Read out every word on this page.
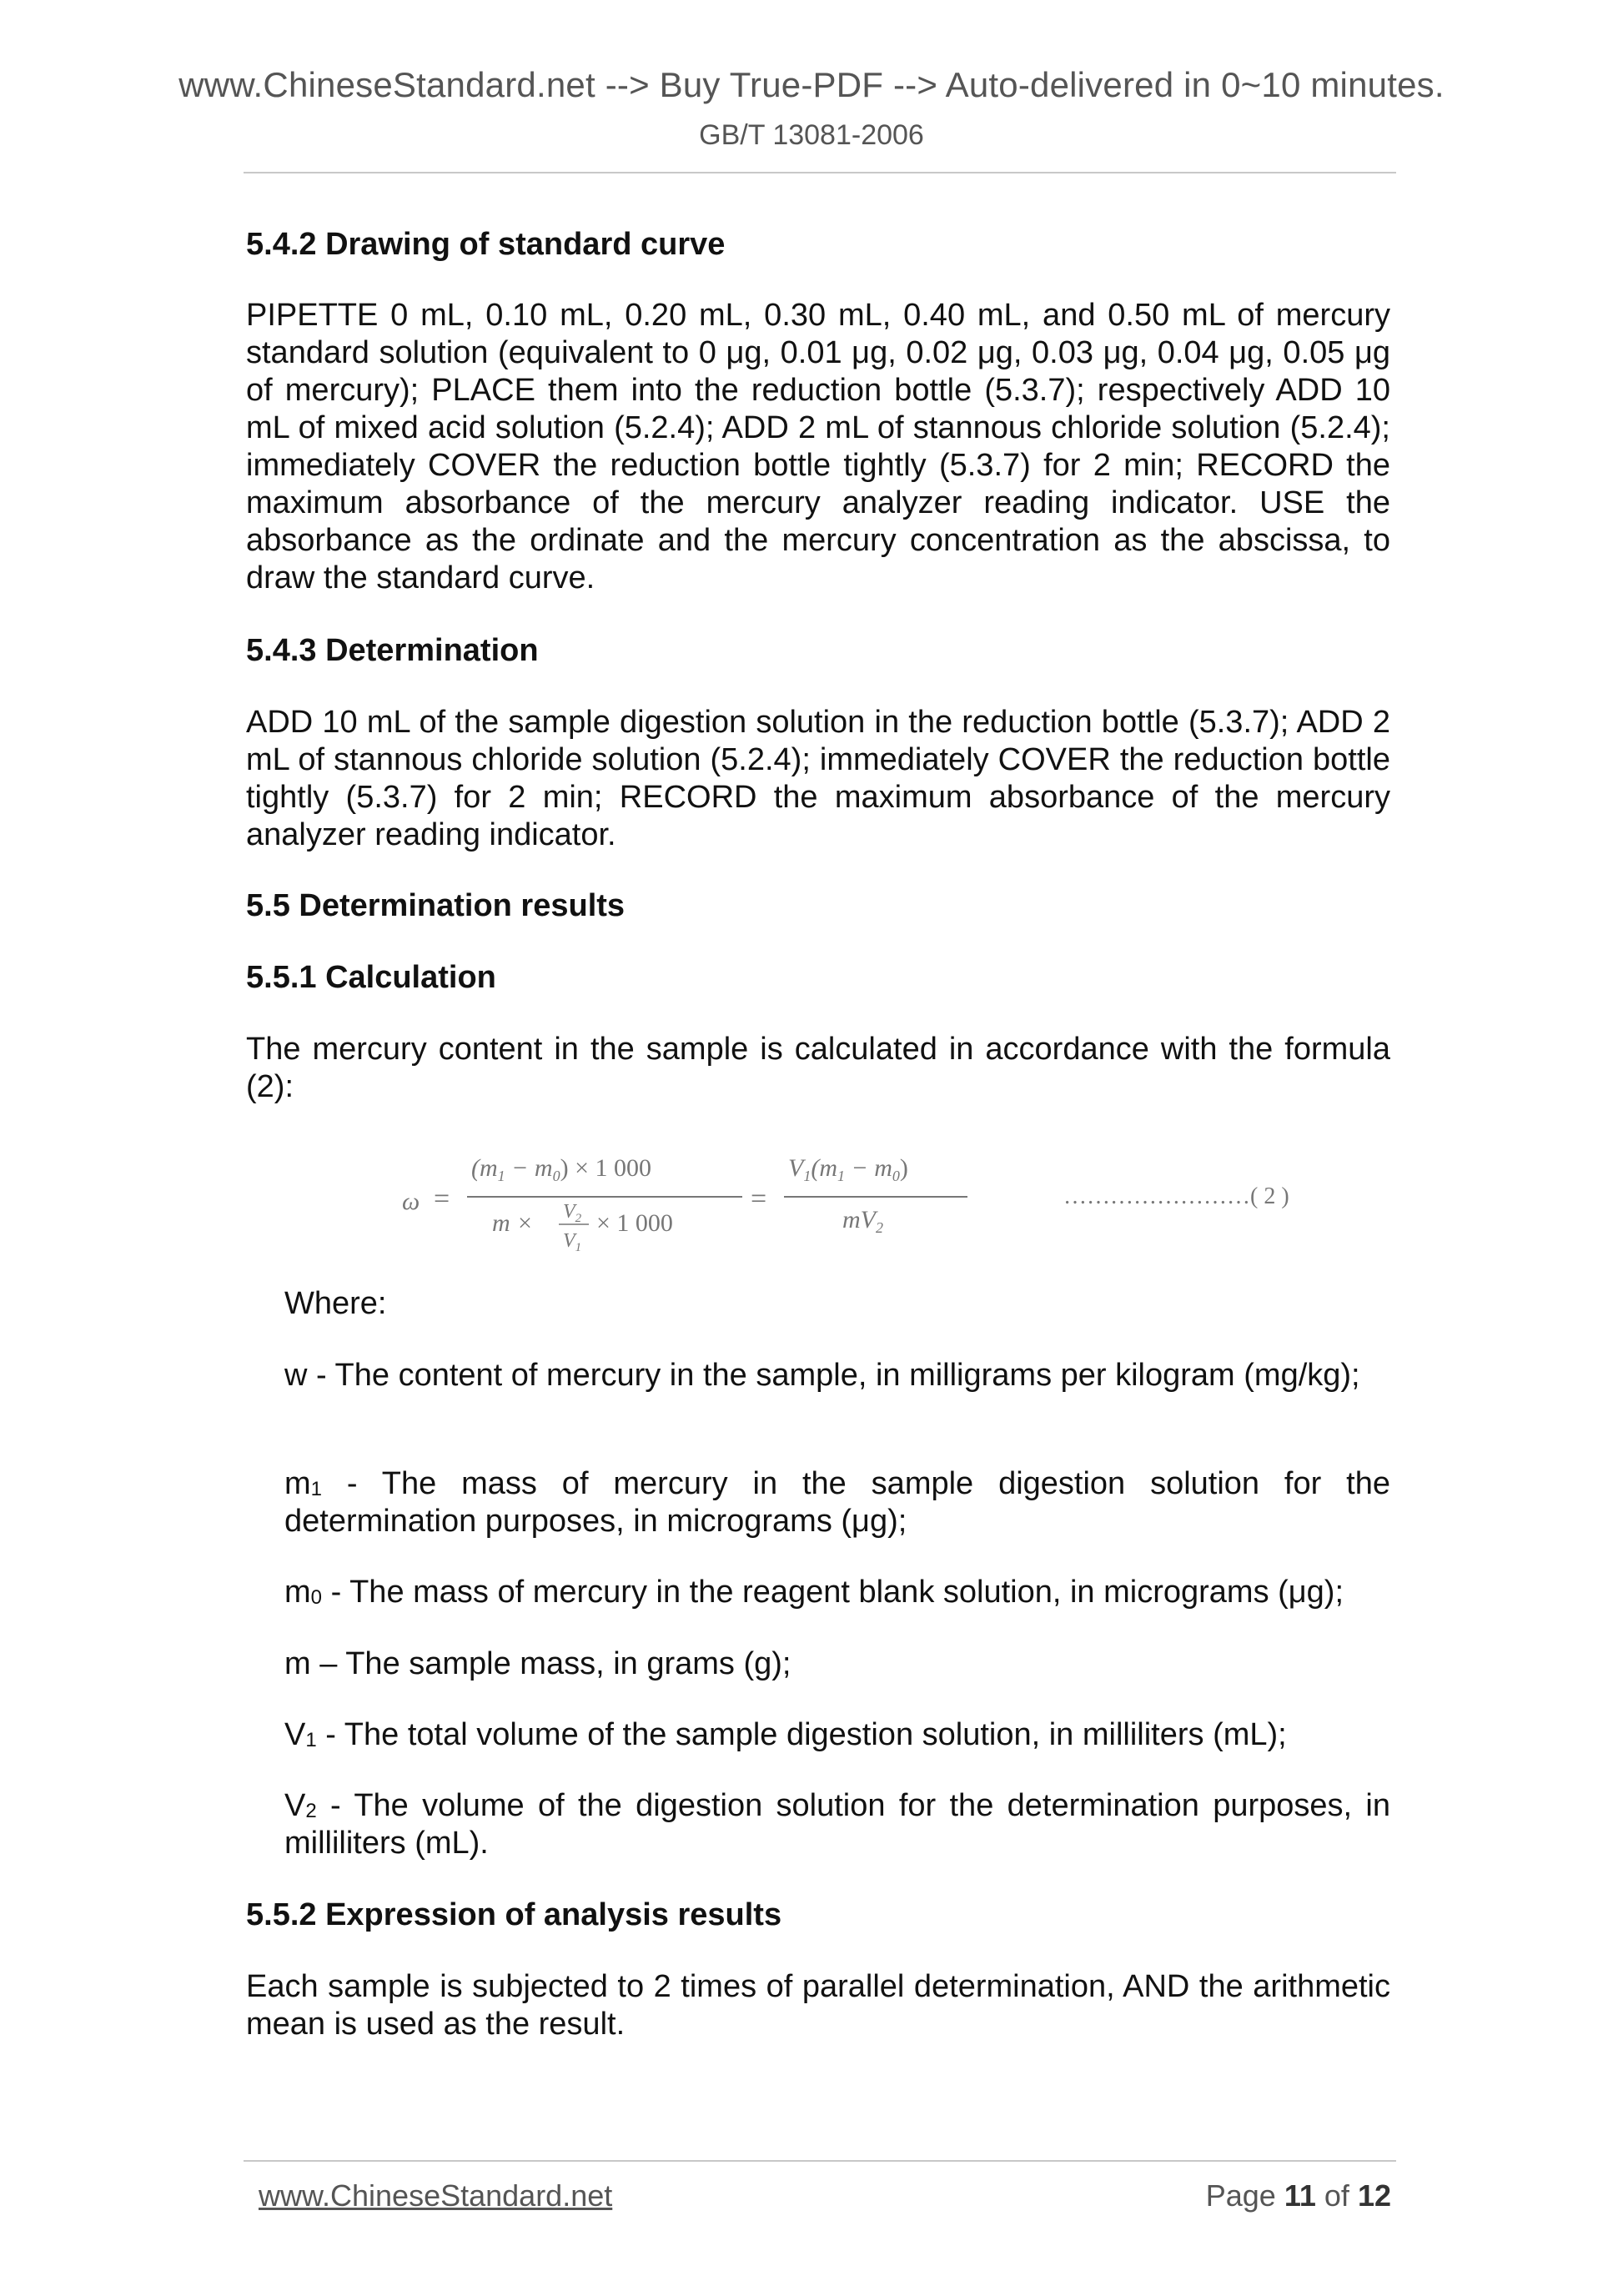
www.ChineseStandard.net --> Buy True-PDF --> Auto-delivered in 0~10 minutes.
GB/T 13081-2006
5.4.2 Drawing of standard curve
PIPETTE 0 mL, 0.10 mL, 0.20 mL, 0.30 mL, 0.40 mL, and 0.50 mL of mercury standard solution (equivalent to 0 μg, 0.01 μg, 0.02 μg, 0.03 μg, 0.04 μg, 0.05 μg of mercury); PLACE them into the reduction bottle (5.3.7); respectively ADD 10 mL of mixed acid solution (5.2.4); ADD 2 mL of stannous chloride solution (5.2.4); immediately COVER the reduction bottle tightly (5.3.7) for 2 min; RECORD the maximum absorbance of the mercury analyzer reading indicator. USE the absorbance as the ordinate and the mercury concentration as the abscissa, to draw the standard curve.
5.4.3 Determination
ADD 10 mL of the sample digestion solution in the reduction bottle (5.3.7); ADD 2 mL of stannous chloride solution (5.2.4); immediately COVER the reduction bottle tightly (5.3.7) for 2 min; RECORD the maximum absorbance of the mercury analyzer reading indicator.
5.5 Determination results
5.5.1 Calculation
The mercury content in the sample is calculated in accordance with the formula (2):
ω =
$(m_1 - m_0) \times 1$ 000
$m \times V_2$
$V_1$
× 1 000
=
$V_1(m_1 - m_0)$
$mV_2$
……………………( 2 )
Where:
w - The content of mercury in the sample, in milligrams per kilogram (mg/kg);
$m_1$ - The mass of mercury in the sample digestion solution for the determination purposes, in micrograms (μg);
$m_0$ - The mass of mercury in the reagent blank solution, in micrograms (μg);
m – The sample mass, in grams (g);
$V_1$ - The total volume of the sample digestion solution, in milliliters (mL);
$V_2$ - The volume of the digestion solution for the determination purposes, in milliliters (mL).
5.5.2 Expression of analysis results
Each sample is subjected to 2 times of parallel determination, AND the arithmetic mean is used as the result.
www.ChineseStandard.net	Page 11 of 12
